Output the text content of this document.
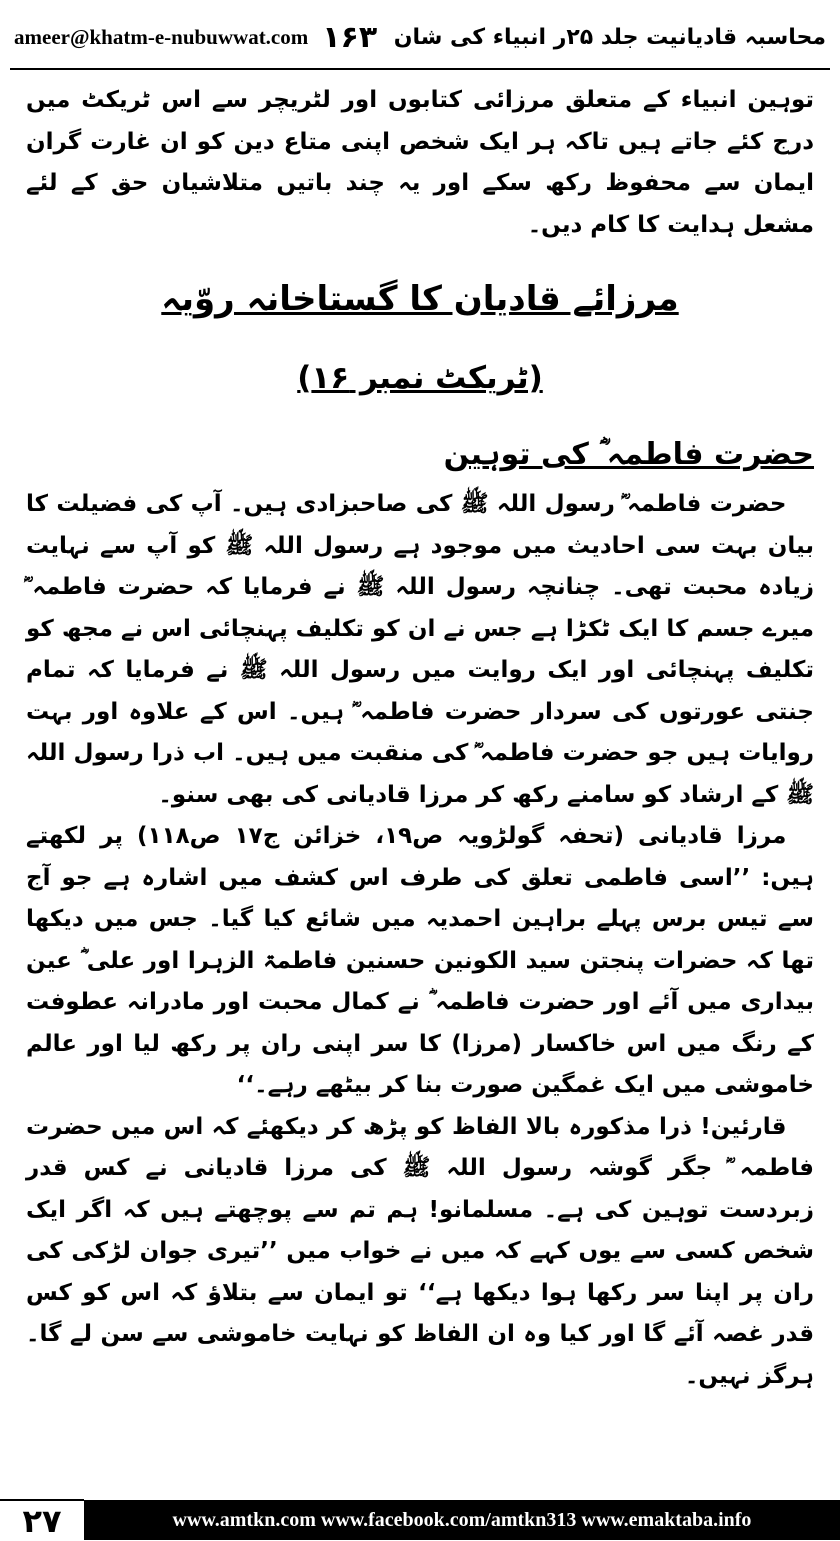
ameer@khatm-e-nubuwwat.com ۱۶۳ محاسبہ قادیانیت جلد ۲۵ر انبیاء کی شان

توہین انبیاء کے متعلق مرزائی کتابوں اور لٹریچر سے اس ٹریکٹ میں درج کئے جاتے ہیں تاکہ ہر ایک شخص اپنی متاع دین کو ان غارت گران ایمان سے محفوظ رکھ سکے اور یہ چند باتیں متلاشیان حق کے لئے مشعل ہدایت کا کام دیں۔

مرزائے قادیان کا گستاخانہ روّیہ
(ٹریکٹ نمبر ۱۶)
حضرت فاطمہ ؓ کی توہین

حضرت فاطمہ ؓ رسول اللہ ﷺ کی صاحبزادی ہیں۔ آپ کی فضیلت کا بیان بہت سی احادیث میں موجود ہے رسول اللہ ﷺ کو آپ سے نہایت زیادہ محبت تھی۔ چنانچہ رسول اللہ ﷺ نے فرمایا کہ حضرت فاطمہ ؓ میرے جسم کا ایک ٹکڑا ہے جس نے ان کو تکلیف پہنچائی اس نے مجھ کو تکلیف پہنچائی اور ایک روایت میں رسول اللہ ﷺ نے فرمایا کہ تمام جنتی عورتوں کی سردار حضرت فاطمہ ؓ ہیں۔ اس کے علاوہ اور بہت روایات ہیں جو حضرت فاطمہ ؓ کی منقبت میں ہیں۔ اب ذرا رسول اللہ ﷺ کے ارشاد کو سامنے رکھ کر مرزا قادیانی کی بھی سنو۔

مرزا قادیانی (تحفہ گولڑویہ ص۱۹، خزائن ج۱۷ ص۱۱۸) پر لکھتے ہیں: ’’اسی فاطمی تعلق کی طرف اس کشف میں اشارہ ہے جو آج سے تیس برس پہلے براہین احمدیہ میں شائع کیا گیا۔ جس میں دیکھا تھا کہ حضرات پنجتن سید الکونین حسنین فاطمۃ الزہرا اور علی ؓ عین بیداری میں آئے اور حضرت فاطمہ ؓ نے کمال محبت اور مادرانہ عطوفت کے رنگ میں اس خاکسار (مرزا) کا سر اپنی ران پر رکھ لیا اور عالم خاموشی میں ایک غمگین صورت بنا کر بیٹھے رہے۔‘‘

قارئین! ذرا مذکورہ بالا الفاظ کو پڑھ کر دیکھئے کہ اس میں حضرت فاطمہ ؓ جگر گوشہ رسول اللہ ﷺ کی مرزا قادیانی نے کس قدر زبردست توہین کی ہے۔ مسلمانو! ہم تم سے پوچھتے ہیں کہ اگر ایک شخص کسی سے یوں کہے کہ میں نے خواب میں ’’تیری جوان لڑکی کی ران پر اپنا سر رکھا ہوا دیکھا ہے‘‘ تو ایمان سے بتلاؤ کہ اس کو کس قدر غصہ آئے گا اور کیا وہ ان الفاظ کو نہایت خاموشی سے سن لے گا۔ ہرگز نہیں۔

۲۷	www.amtkn.com www.facebook.com/amtkn313 www.emaktaba.info
